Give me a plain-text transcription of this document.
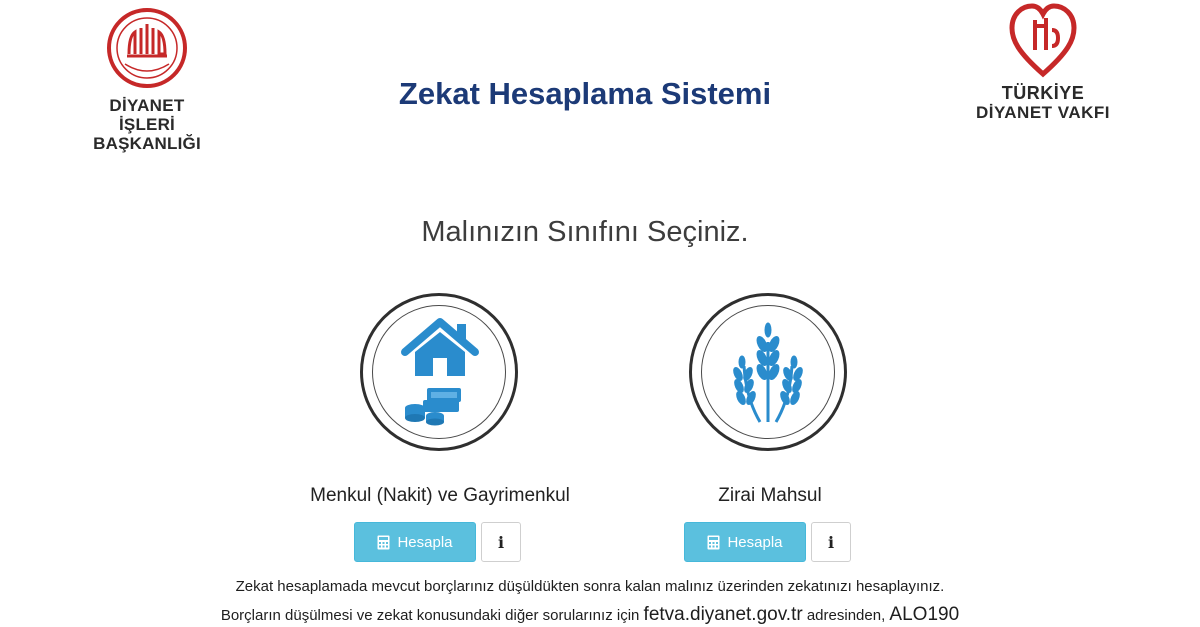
DİYANET
İŞLERİ BAŞKANLIĞI
Zekat Hesaplama Sistemi	TÜRKİYE
DİYANET VAKFI
Malınızın Sınıfını Seçiniz.
Menkul (Nakit) ve Gayrimenkul	Zirai Mahsul
Hesapla	i	Hesapla	i
Zekat hesaplamada mevcut borçlarınız düşüldükten sonra kalan malınız üzerinden zekatınızı hesaplayınız.
Borçların düşülmesi ve zekat konusundaki diğer sorularınız için fetva.diyanet.gov.tr adresinden, ALO190
